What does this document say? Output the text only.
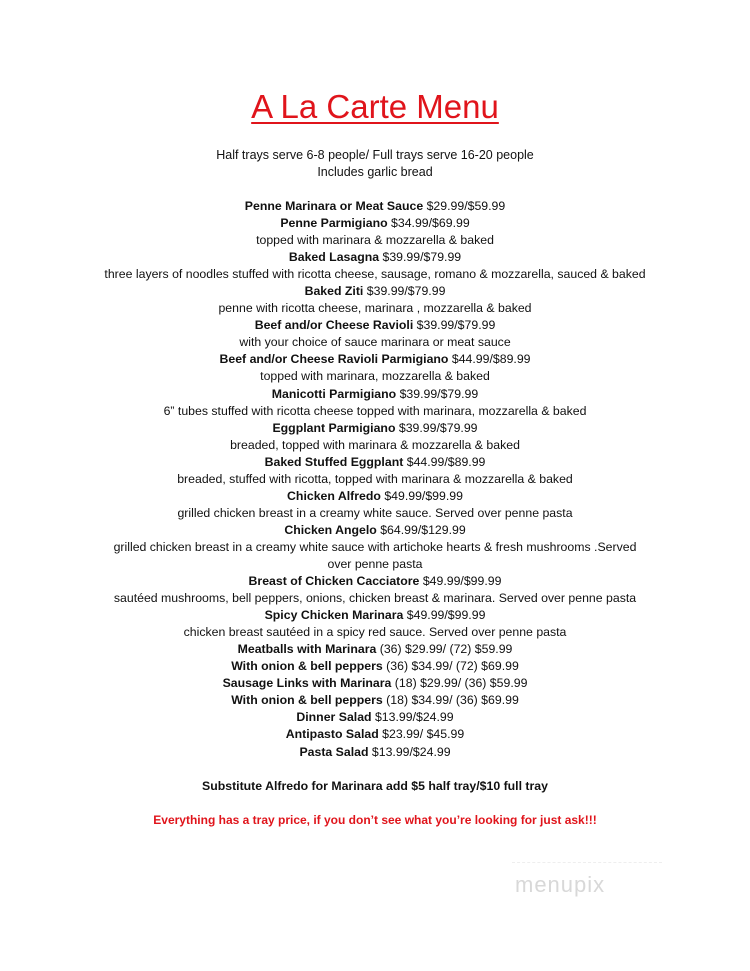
A La Carte Menu
Half trays serve 6-8 people/ Full trays serve 16-20 people
Includes garlic bread
Penne Marinara or Meat Sauce $29.99/$59.99
Penne Parmigiano $34.99/$69.99
topped with marinara & mozzarella & baked
Baked Lasagna $39.99/$79.99
three layers of noodles stuffed with ricotta cheese, sausage, romano & mozzarella, sauced & baked
Baked Ziti $39.99/$79.99
penne with ricotta cheese, marinara , mozzarella & baked
Beef and/or Cheese Ravioli $39.99/$79.99
with your choice of sauce marinara or meat sauce
Beef and/or Cheese Ravioli Parmigiano $44.99/$89.99
topped with marinara, mozzarella & baked
Manicotti Parmigiano $39.99/$79.99
6” tubes stuffed with ricotta cheese topped with marinara, mozzarella & baked
Eggplant Parmigiano $39.99/$79.99
breaded, topped with marinara & mozzarella & baked
Baked Stuffed Eggplant $44.99/$89.99
breaded, stuffed with ricotta, topped with marinara & mozzarella & baked
Chicken Alfredo $49.99/$99.99
grilled chicken breast in a creamy white sauce. Served over penne pasta
Chicken Angelo $64.99/$129.99
grilled chicken breast in a creamy white sauce with artichoke hearts & fresh mushrooms .Served
over penne pasta
Breast of Chicken Cacciatore $49.99/$99.99
sautéed mushrooms, bell peppers, onions, chicken breast & marinara. Served over penne pasta
Spicy Chicken Marinara $49.99/$99.99
chicken breast sautéed in a spicy red sauce. Served over penne pasta
Meatballs with Marinara (36) $29.99/ (72) $59.99
With onion & bell peppers (36) $34.99/ (72) $69.99
Sausage Links with Marinara (18) $29.99/ (36) $59.99
With onion & bell peppers (18) $34.99/ (36) $69.99
Dinner Salad $13.99/$24.99
Antipasto Salad $23.99/ $45.99
Pasta Salad $13.99/$24.99
Substitute Alfredo for Marinara add $5 half tray/$10 full tray
Everything has a tray price, if you don’t see what you’re looking for just ask!!!
menupix
